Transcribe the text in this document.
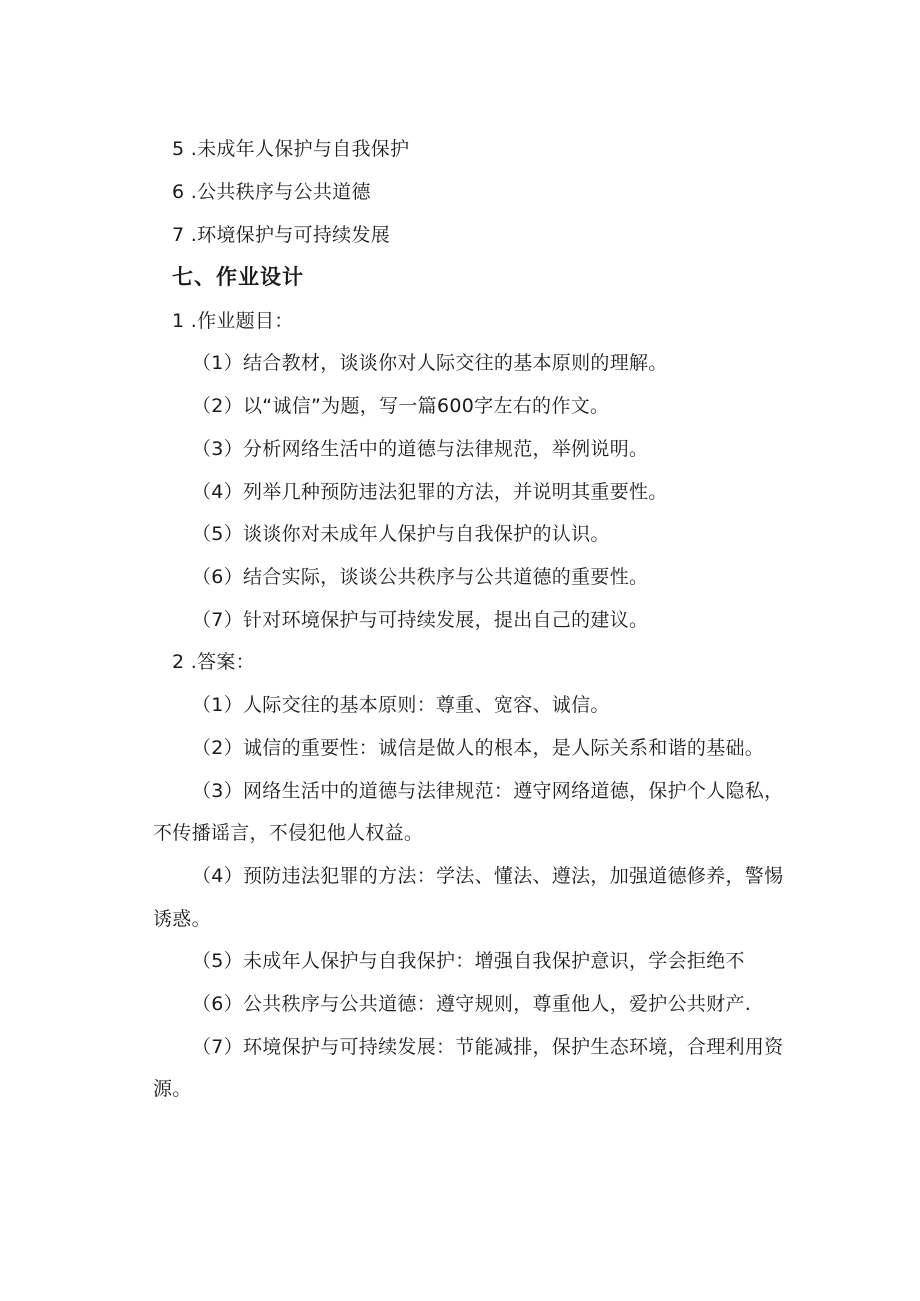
5 .未成年人保护与自我保护
6 .公共秩序与公共道德
7 .环境保护与可持续发展
七、作业设计
1 .作业题目：
（1）结合教材，谈谈你对人际交往的基本原则的理解。
（2）以“诚信”为题，写一篇600字左右的作文。
（3）分析网络生活中的道德与法律规范，举例说明。
（4）列举几种预防违法犯罪的方法，并说明其重要性。
（5）谈谈你对未成年人保护与自我保护的认识。
（6）结合实际，谈谈公共秩序与公共道德的重要性。
（7）针对环境保护与可持续发展，提出自己的建议。
2 .答案：
（1）人际交往的基本原则：尊重、宽容、诚信。
（2）诚信的重要性：诚信是做人的根本，是人际关系和谐的基础。
（3）网络生活中的道德与法律规范：遵守网络道德，保护个人隐私，
不传播谣言，不侵犯他人权益。
（4）预防违法犯罪的方法：学法、懂法、遵法，加强道德修养，警惕
诱惑。
（5）未成年人保护与自我保护：增强自我保护意识，学会拒绝不
（6）公共秩序与公共道德：遵守规则，尊重他人，爱护公共财产.
（7）环境保护与可持续发展：节能减排，保护生态环境，合理利用资
源。
